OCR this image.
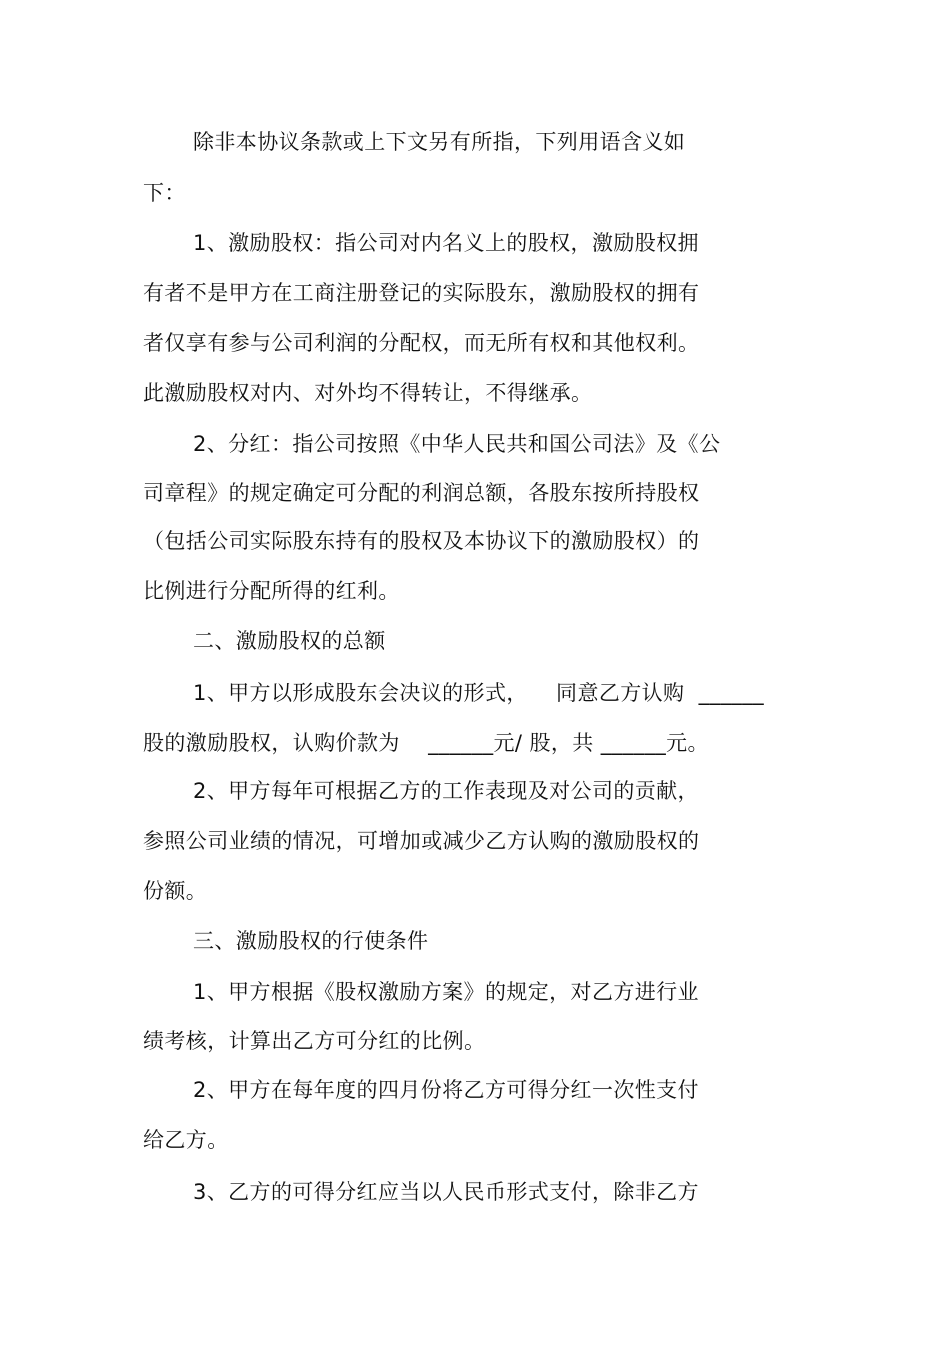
除非本协议条款或上下文另有所指，下列用语含义如
下：
1、激励股权：指公司对内名义上的股权，激励股权拥
有者不是甲方在工商注册登记的实际股东，激励股权的拥有
者仅享有参与公司利润的分配权，而无所有权和其他权利。
此激励股权对内、对外均不得转让，不得继承。
2、分红：指公司按照《中华人民共和国公司法》及《公
司章程》的规定确定可分配的利润总额，各股东按所持股权
（包括公司实际股东持有的股权及本协议下的激励股权）的
比例进行分配所得的红利。
二、激励股权的总额
1、甲方以形成股东会决议的形式，    同意乙方认购  ______
股的激励股权，认购价款为    ______元/ 股，共 ______元。
2、甲方每年可根据乙方的工作表现及对公司的贡献，
参照公司业绩的情况，可增加或减少乙方认购的激励股权的
份额。
三、激励股权的行使条件
1、甲方根据《股权激励方案》的规定，对乙方进行业
绩考核，计算出乙方可分红的比例。
2、甲方在每年度的四月份将乙方可得分红一次性支付
给乙方。
3、乙方的可得分红应当以人民币形式支付，除非乙方
